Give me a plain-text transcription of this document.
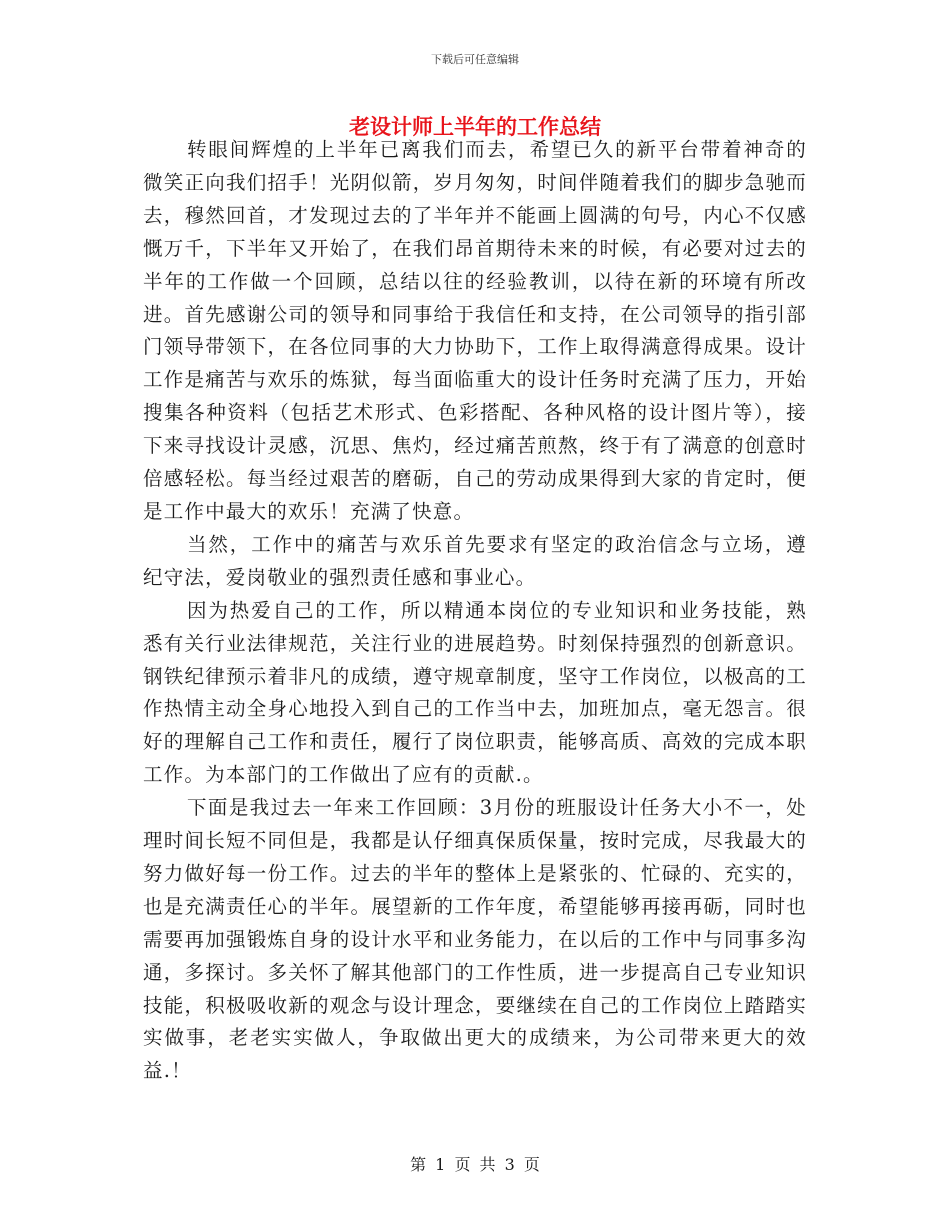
下载后可任意编辑
老设计师上半年的工作总结

转眼间辉煌的上半年已离我们而去，希望已久的新平台带着神奇的微笑正向我们招手！光阴似箭，岁月匆匆，时间伴随着我们的脚步急驰而去，穆然回首，才发现过去的了半年并不能画上圆满的句号，内心不仅感慨万千，下半年又开始了，在我们昂首期待未来的时候，有必要对过去的半年的工作做一个回顾，总结以往的经验教训，以待在新的环境有所改进。首先感谢公司的领导和同事给于我信任和支持，在公司领导的指引部门领导带领下，在各位同事的大力协助下，工作上取得满意得成果。设计工作是痛苦与欢乐的炼狱，每当面临重大的设计任务时充满了压力，开始搜集各种资料（包括艺术形式、色彩搭配、各种风格的设计图片等），接下来寻找设计灵感，沉思、焦灼，经过痛苦煎熬，终于有了满意的创意时倍感轻松。每当经过艰苦的磨砺，自己的劳动成果得到大家的肯定时，便是工作中最大的欢乐！充满了快意。

当然，工作中的痛苦与欢乐首先要求有坚定的政治信念与立场，遵纪守法，爱岗敬业的强烈责任感和事业心。

因为热爱自己的工作，所以精通本岗位的专业知识和业务技能，熟悉有关行业法律规范，关注行业的进展趋势。时刻保持强烈的创新意识。钢铁纪律预示着非凡的成绩，遵守规章制度，坚守工作岗位，以极高的工作热情主动全身心地投入到自己的工作当中去，加班加点，毫无怨言。很好的理解自己工作和责任，履行了岗位职责，能够高质、高效的完成本职工作。为本部门的工作做出了应有的贡献.。

下面是我过去一年来工作回顾：3月份的班服设计任务大小不一，处理时间长短不同但是，我都是认仔细真保质保量，按时完成，尽我最大的努力做好每一份工作。过去的半年的整体上是紧张的、忙碌的、充实的，也是充满责任心的半年。展望新的工作年度，希望能够再接再砺，同时也需要再加强锻炼自身的设计水平和业务能力，在以后的工作中与同事多沟通，多探讨。多关怀了解其他部门的工作性质，进一步提高自己专业知识技能，积极吸收新的观念与设计理念，要继续在自己的工作岗位上踏踏实实做事，老老实实做人，争取做出更大的成绩来，为公司带来更大的效益.！

第 1 页 共 3 页
